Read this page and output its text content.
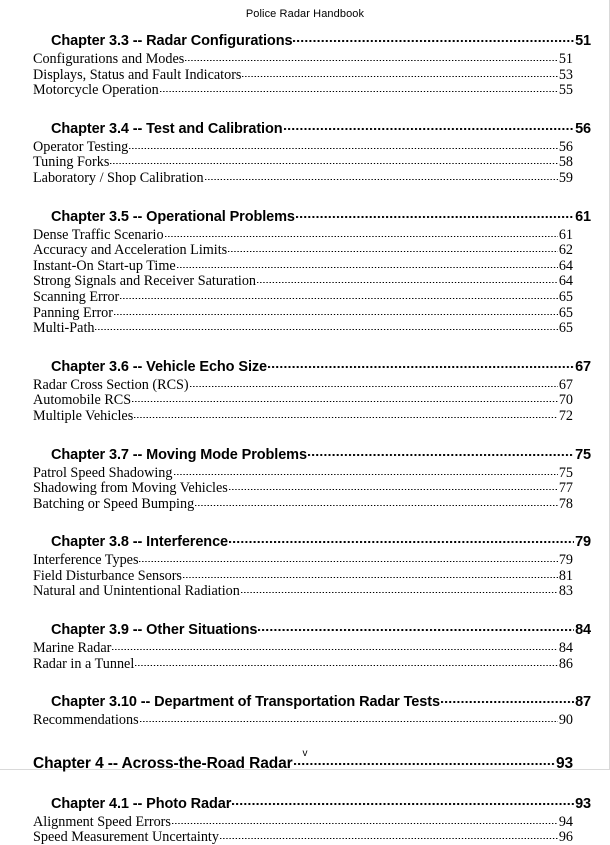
Police Radar Handbook
Chapter 3.3 -- Radar Configurations	51
Configurations and Modes	51
Displays, Status and Fault Indicators	53
Motorcycle Operation	55
Chapter 3.4 -- Test and Calibration	56
Operator Testing	56
Tuning Forks	58
Laboratory / Shop Calibration	59
Chapter 3.5 -- Operational Problems	61
Dense Traffic Scenario	61
Accuracy and Acceleration Limits	62
Instant-On Start-up Time	64
Strong Signals and Receiver Saturation	64
Scanning Error	65
Panning Error	65
Multi-Path	65
Chapter 3.6 -- Vehicle Echo Size	67
Radar Cross Section (RCS)	67
Automobile RCS	70
Multiple Vehicles	72
Chapter 3.7 -- Moving Mode Problems	75
Patrol Speed Shadowing	75
Shadowing from Moving Vehicles	77
Batching or Speed Bumping	78
Chapter 3.8 -- Interference	79
Interference Types	79
Field Disturbance Sensors	81
Natural and Unintentional Radiation	83
Chapter 3.9 -- Other Situations	84
Marine Radar	84
Radar in a Tunnel	86
Chapter 3.10 -- Department of Transportation Radar Tests	87
Recommendations	90
Chapter 4 -- Across-the-Road Radar	93
Chapter 4.1 -- Photo Radar	93
Alignment Speed Errors	94
Speed Measurement Uncertainty	96
v
